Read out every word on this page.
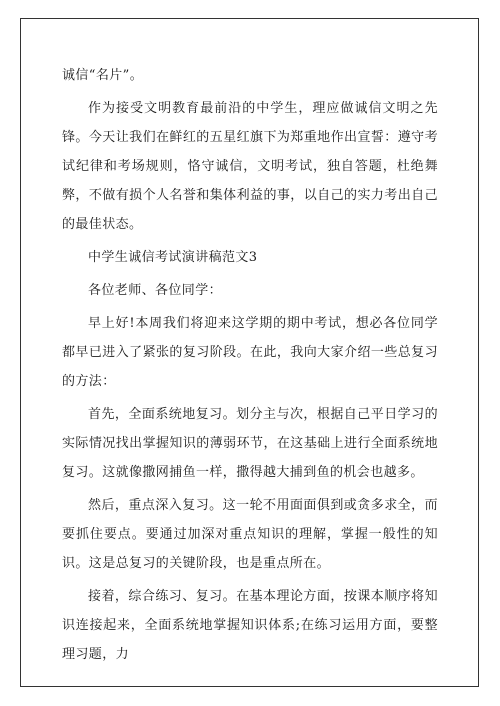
诚信“名片”。

作为接受文明教育最前沿的中学生，理应做诚信文明之先锋。今天让我们在鲜红的五星红旗下为郑重地作出宣誓：遵守考试纪律和考场规则，恪守诚信，文明考试，独自答题，杜绝舞弊，不做有损个人名誉和集体利益的事，以自己的实力考出自己的最佳状态。

中学生诚信考试演讲稿范文3

各位老师、各位同学：

早上好!本周我们将迎来这学期的期中考试，想必各位同学都早已进入了紧张的复习阶段。在此，我向大家介绍一些总复习的方法：

首先，全面系统地复习。划分主与次，根据自己平日学习的实际情况找出掌握知识的薄弱环节，在这基础上进行全面系统地复习。这就像撒网捕鱼一样，撒得越大捕到鱼的机会也越多。

然后，重点深入复习。这一轮不用面面俱到或贪多求全，而要抓住要点。要通过加深对重点知识的理解，掌握一般性的知识。这是总复习的关键阶段，也是重点所在。

接着，综合练习、复习。在基本理论方面，按课本顺序将知识连接起来，全面系统地掌握知识体系;在练习运用方面，要整理习题，力
